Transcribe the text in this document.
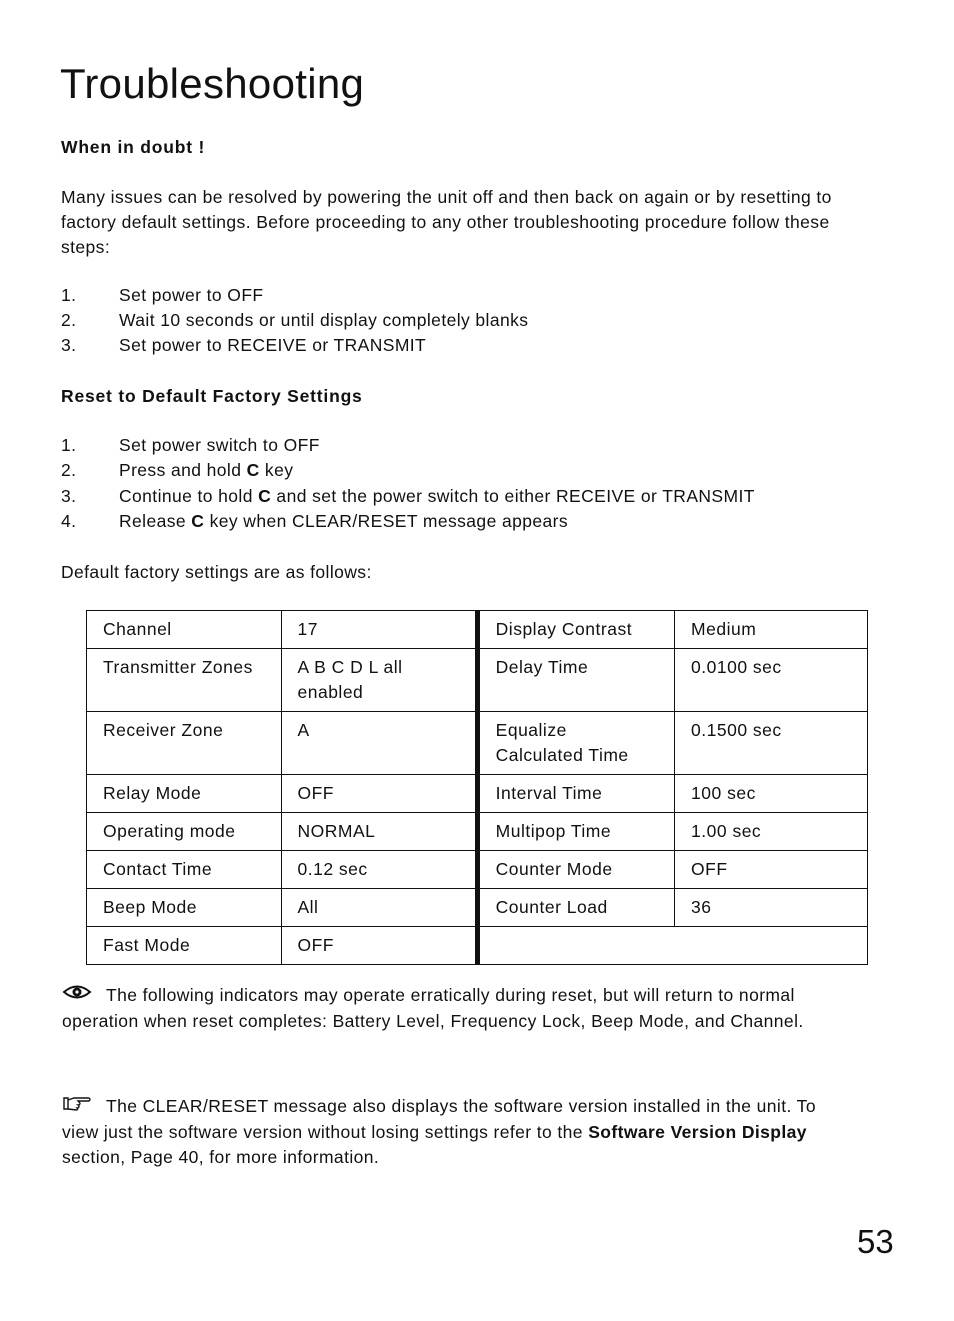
Troubleshooting
When in doubt !
Many issues can be resolved by powering the unit off and then back on again or by resetting to factory default settings. Before proceeding to any other troubleshooting procedure follow these steps:
1. Set power to OFF
2. Wait 10 seconds or until display completely blanks
3. Set power to RECEIVE or TRANSMIT
Reset to Default Factory Settings
1. Set power switch to OFF
2. Press and hold C key
3. Continue to hold C and set the power switch to either RECEIVE or TRANSMIT
4. Release C key when CLEAR/RESET message appears
Default factory settings are as follows:
Channel	17	Display Contrast	Medium
Transmitter Zones	A B C D L all enabled	Delay Time	0.0100 sec
Receiver Zone	A	Equalize Calculated Time	0.1500 sec
Relay Mode	OFF	Interval Time	100 sec
Operating mode	NORMAL	Multipop Time	1.00 sec
Contact Time	0.12 sec	Counter Mode	OFF
Beep Mode	All	Counter Load	36
Fast Mode	OFF		
The following indicators may operate erratically during reset, but will return to normal operation when reset completes: Battery Level, Frequency Lock, Beep Mode, and Channel.
The CLEAR/RESET message also displays the software version installed in the unit. To view just the software version without losing settings refer to the Software Version Display section, Page 40, for more information.
53
